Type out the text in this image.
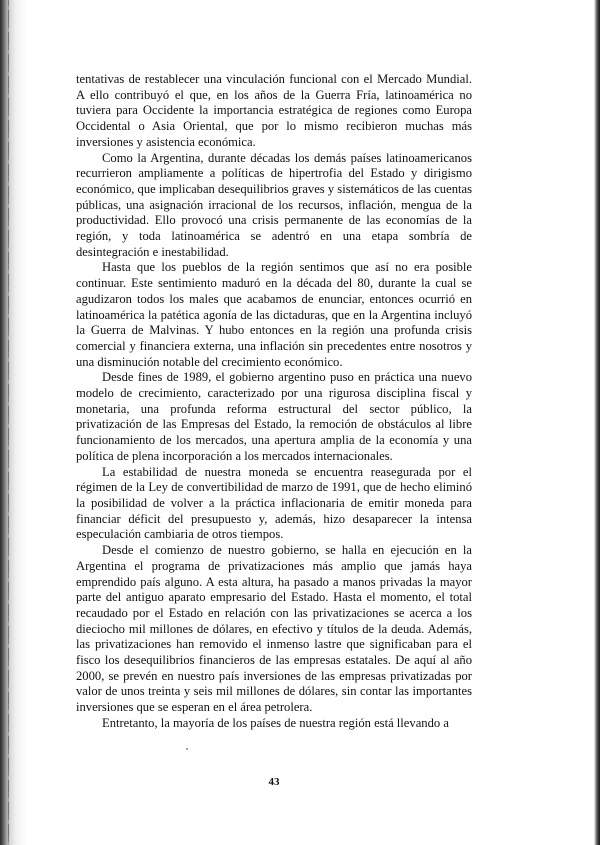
tentativas de restablecer una vinculación funcional con el Mercado Mundial. A ello contribuyó el que, en los años de la Guerra Fría, latinoamérica no tuviera para Occidente la importancia estratégica de regiones como Europa Occidental o Asia Oriental, que por lo mismo recibieron muchas más inversiones y asistencia económica.

Como la Argentina, durante décadas los demás países latinoamericanos recurrieron ampliamente a políticas de hipertrofia del Estado y dirigismo económico, que implicaban desequilibrios graves y sistemáticos de las cuentas públicas, una asignación irracional de los recursos, inflación, mengua de la productividad. Ello provocó una crisis permanente de las economías de la región, y toda latinoamérica se adentró en una etapa sombría de desintegración e inestabilidad.

Hasta que los pueblos de la región sentimos que así no era posible continuar. Este sentimiento maduró en la década del 80, durante la cual se agudizaron todos los males que acabamos de enunciar, entonces ocurrió en latinoamérica la patética agonía de las dictaduras, que en la Argentina incluyó la Guerra de Malvinas. Y hubo entonces en la región una profunda crisis comercial y financiera externa, una inflación sin precedentes entre nosotros y una disminución notable del crecimiento económico.

Desde fines de 1989, el gobierno argentino puso en práctica una nuevo modelo de crecimiento, caracterizado por una rigurosa disciplina fiscal y monetaria, una profunda reforma estructural del sector público, la privatización de las Empresas del Estado, la remoción de obstáculos al libre funcionamiento de los mercados, una apertura amplia de la economía y una política de plena incorporación a los mercados internacionales.

La estabilidad de nuestra moneda se encuentra reasegurada por el régimen de la Ley de convertibilidad de marzo de 1991, que de hecho eliminó la posibilidad de volver a la práctica inflacionaria de emitir moneda para financiar déficit del presupuesto y, además, hizo desaparecer la intensa especulación cambiaria de otros tiempos.

Desde el comienzo de nuestro gobierno, se halla en ejecución en la Argentina el programa de privatizaciones más amplio que jamás haya emprendido país alguno. A esta altura, ha pasado a manos privadas la mayor parte del antiguo aparato empresario del Estado. Hasta el momento, el total recaudado por el Estado en relación con las privatizaciones se acerca a los dieciocho mil millones de dólares, en efectivo y títulos de la deuda. Además, las privatizaciones han removido el inmenso lastre que significaban para el fisco los desequilibrios financieros de las empresas estatales. De aquí al año 2000, se prevén en nuestro país inversiones de las empresas privatizadas por valor de unos treinta y seis mil millones de dólares, sin contar las importantes inversiones que se esperan en el área petrolera.

Entretanto, la mayoría de los países de nuestra región está llevando a

43
